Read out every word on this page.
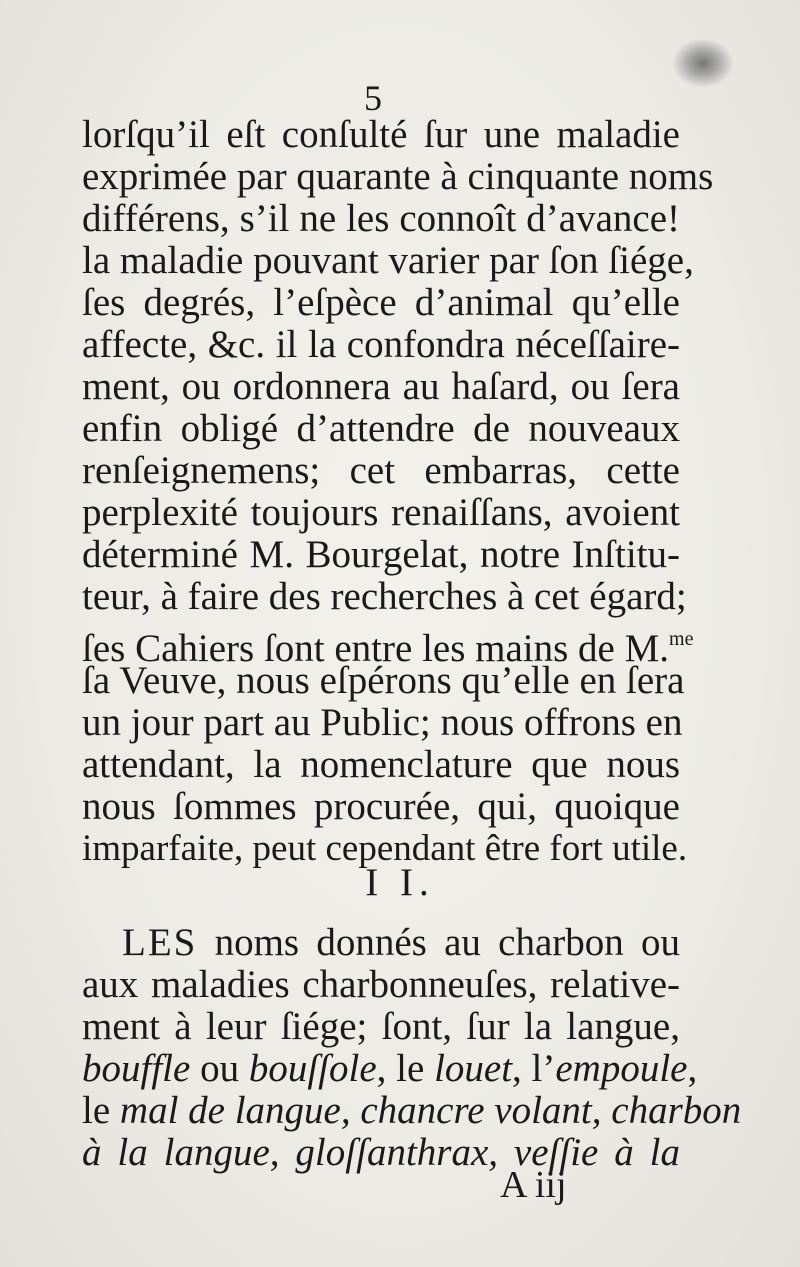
5
lorſqu’il eſt conſulté ſur une maladie
exprimée par quarante à cinquante noms
différens, s’il ne les connoît d’avance!
la maladie pouvant varier par ſon ſiége,
ſes degrés, l’eſpèce d’animal qu’elle
affecte, &c. il la confondra néceſſaire-
ment, ou ordonnera au haſard, ou ſera
enfin obligé d’attendre de nouveaux
renſeignemens; cet embarras, cette
perplexité toujours renaiſſans, avoient
déterminé M. Bourgelat, notre Inſtitu-
teur, à faire des recherches à cet égard;
ſes Cahiers ſont entre les mains de M.$^{me}$
ſa Veuve, nous eſpérons qu’elle en ſera
un jour part au Public; nous offrons en
attendant, la nomenclature que nous
nous ſommes procurée, qui, quoique
imparfaite, peut cependant être fort utile.
I I.
LES noms donnés au charbon ou
aux maladies charbonneuſes, relative-
ment à leur ſiége; ſont, ſur la langue,
bouffle ou bouſſole, le louet, l’empoule,
le mal de langue, chancre volant, charbon
à la langue, gloſſanthrax, veſſie à la
A iij
